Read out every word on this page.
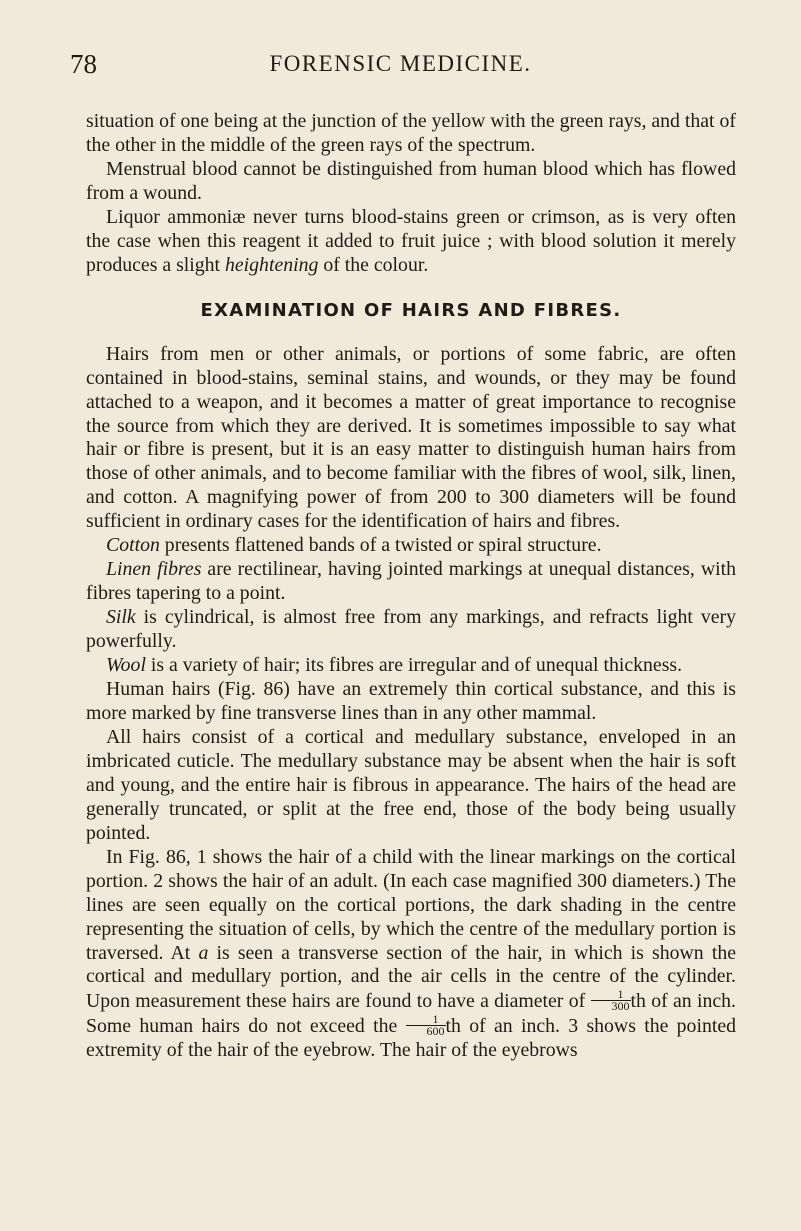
78	FORENSIC MEDICINE.

situation of one being at the junction of the yellow with the green rays, and that of the other in the middle of the green rays of the spectrum.

Menstrual blood cannot be distinguished from human blood which has flowed from a wound.

Liquor ammoniæ never turns blood-stains green or crimson, as is very often the case when this reagent it added to fruit juice ; with blood solution it merely produces a slight heightening of the colour.

EXAMINATION OF HAIRS AND FIBRES.

Hairs from men or other animals, or portions of some fabric, are often contained in blood-stains, seminal stains, and wounds, or they may be found attached to a weapon, and it becomes a matter of great importance to recognise the source from which they are derived. It is sometimes impossible to say what hair or fibre is present, but it is an easy matter to distinguish human hairs from those of other animals, and to become familiar with the fibres of wool, silk, linen, and cotton. A magnifying power of from 200 to 300 diameters will be found sufficient in ordinary cases for the identification of hairs and fibres.

Cotton presents flattened bands of a twisted or spiral structure.

Linen fibres are rectilinear, having jointed markings at unequal distances, with fibres tapering to a point.

Silk is cylindrical, is almost free from any markings, and refracts light very powerfully.

Wool is a variety of hair; its fibres are irregular and of unequal thickness.

Human hairs (Fig. 86) have an extremely thin cortical substance, and this is more marked by fine transverse lines than in any other mammal.

All hairs consist of a cortical and medullary substance, enveloped in an imbricated cuticle. The medullary substance may be absent when the hair is soft and young, and the entire hair is fibrous in appearance. The hairs of the head are generally truncated, or split at the free end, those of the body being usually pointed.

In Fig. 86, 1 shows the hair of a child with the linear markings on the cortical portion. 2 shows the hair of an adult. (In each case magnified 300 diameters.) The lines are seen equally on the cortical portions, the dark shading in the centre representing the situation of cells, by which the centre of the medullary portion is traversed. At a is seen a transverse section of the hair, in which is shown the cortical and medullary portion, and the air cells in the centre of the cylinder. Upon measurement these hairs are found to have a diameter of $\frac{1}{300}$ th of an inch. Some human hairs do not exceed the $\frac{1}{600}$ th of an inch. 3 shows the pointed extremity of the hair of the eyebrow. The hair of the eyebrows
